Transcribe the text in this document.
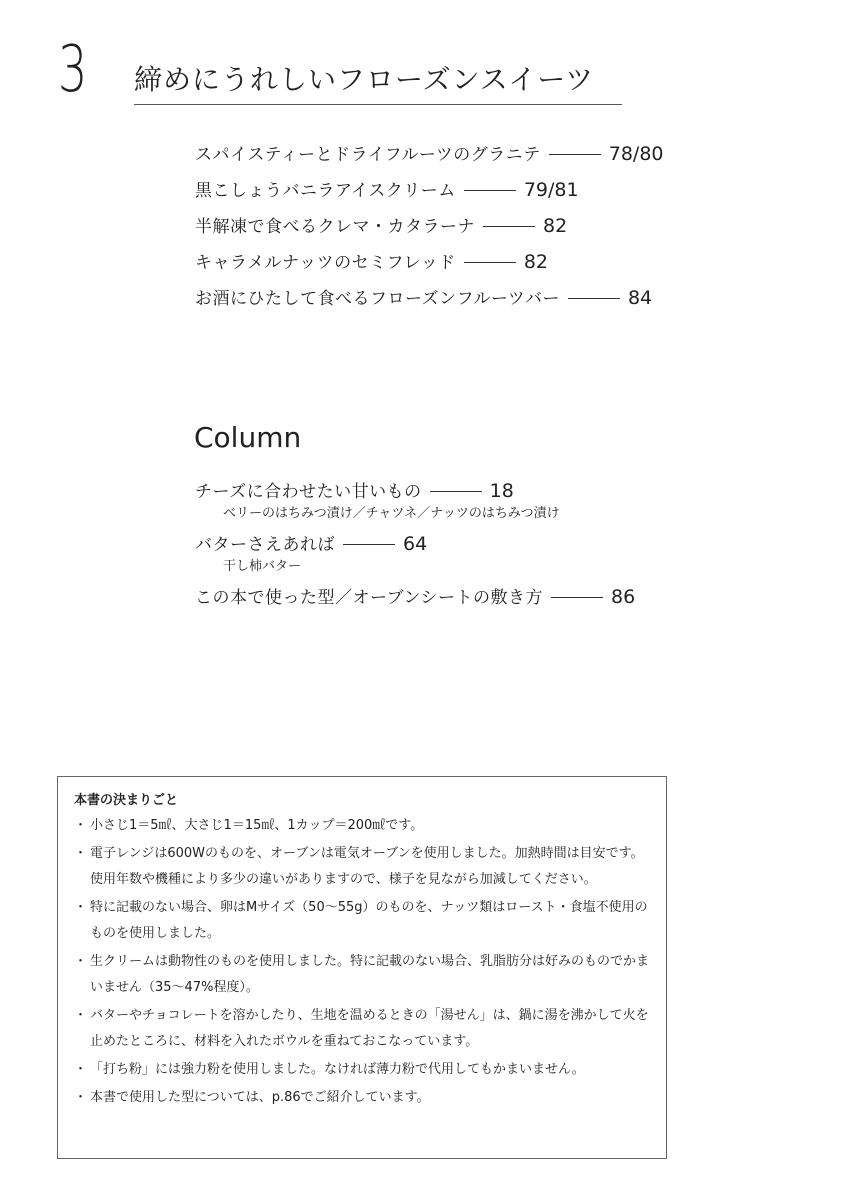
3 締めにうれしいフローズンスイーツ
スパイスティーとドライフルーツのグラニテ	78/80
黒こしょうバニラアイスクリーム	79/81
半解凍で食べるクレマ・カタラーナ	82
キャラメルナッツのセミフレッド	82
お酒にひたして食べるフローズンフルーツバー	84
Column
チーズに合わせたい甘いもの	18
ベリーのはちみつ漬け／チャツネ／ナッツのはちみつ漬け
バターさえあれば	64
干し柿バター
この本で使った型／オーブンシートの敷き方	86
本書の決まりごと
・ 小さじ1＝5㎖、大さじ1＝15㎖、1カップ＝200㎖です。
・ 電子レンジは600Wのものを、オーブンは電気オーブンを使用しました。加熱時間は目安です。使用年数や機種により多少の違いがありますので、様子を見ながら加減してください。
・ 特に記載のない場合、卵はMサイズ（50～55g）のものを、ナッツ類はロースト・食塩不使用のものを使用しました。
・ 生クリームは動物性のものを使用しました。特に記載のない場合、乳脂肪分は好みのものでかまいません（35～47%程度）。
・ バターやチョコレートを溶かしたり、生地を温めるときの「湯せん」は、鍋に湯を沸かして火を止めたところに、材料を入れたボウルを重ねておこなっています。
・ 「打ち粉」には強力粉を使用しました。なければ薄力粉で代用してもかまいません。
・ 本書で使用した型については、p.86でご紹介しています。
